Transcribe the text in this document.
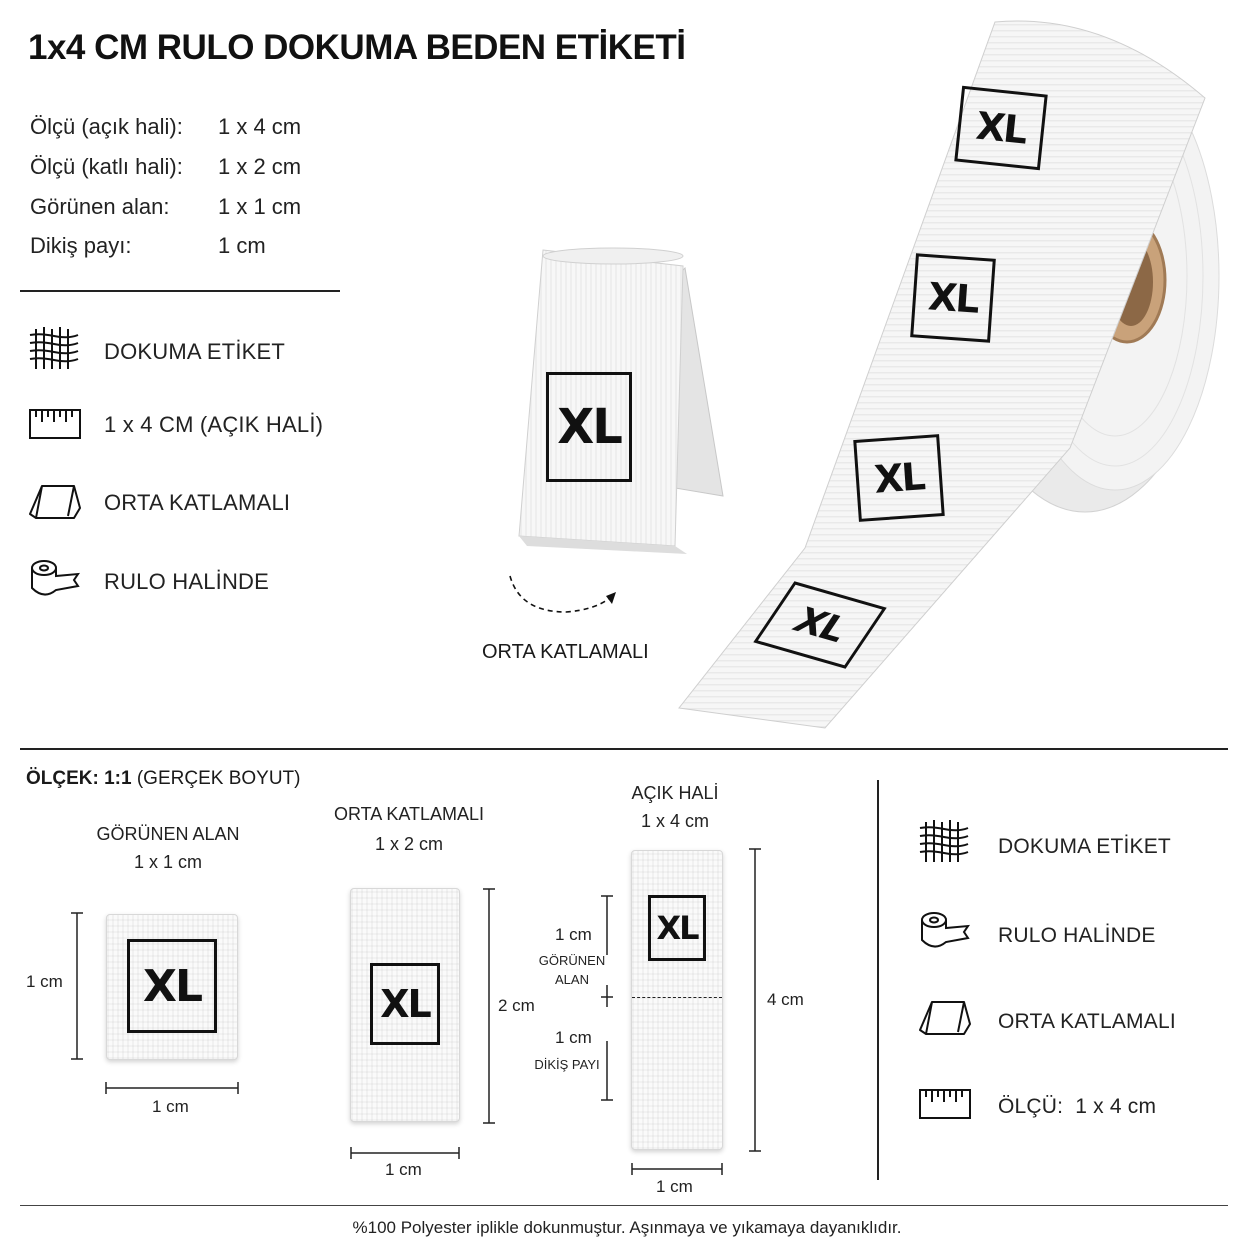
1x4 CM RULO DOKUMA BEDEN ETİKETİ
Ölçü (açık hali): 1 x 4 cm
Ölçü (katlı hali): 1 x 2 cm
Görünen alan: 1 x 1 cm
Dikiş payı:	1 cm
DOKUMA ETİKET
1 x 4 CM (AÇIK HALİ)
ORTA KATLAMALI
RULO HALİNDE
XL
ORTA KATLAMALI
XL
XL
XL
XL
ÖLÇEK: 1:1 (GERÇEK BOYUT)
GÖRÜNEN ALAN
1 x 1 cm
XL
1 cm
1 cm
ORTA KATLAMALI
1 x 2 cm
XL	2 cm
1 cm
AÇIK HALİ
1 x 4 cm
XL
1 cm
GÖRÜNEN ALAN
1 cm
DİKİŞ PAYI
4 cm
1 cm
DOKUMA ETİKET
RULO HALİNDE
ORTA KATLAMALI
ÖLÇÜ:  1 x 4 cm
%100 Polyester iplikle dokunmuştur. Aşınmaya ve yıkamaya dayanıklıdır.
